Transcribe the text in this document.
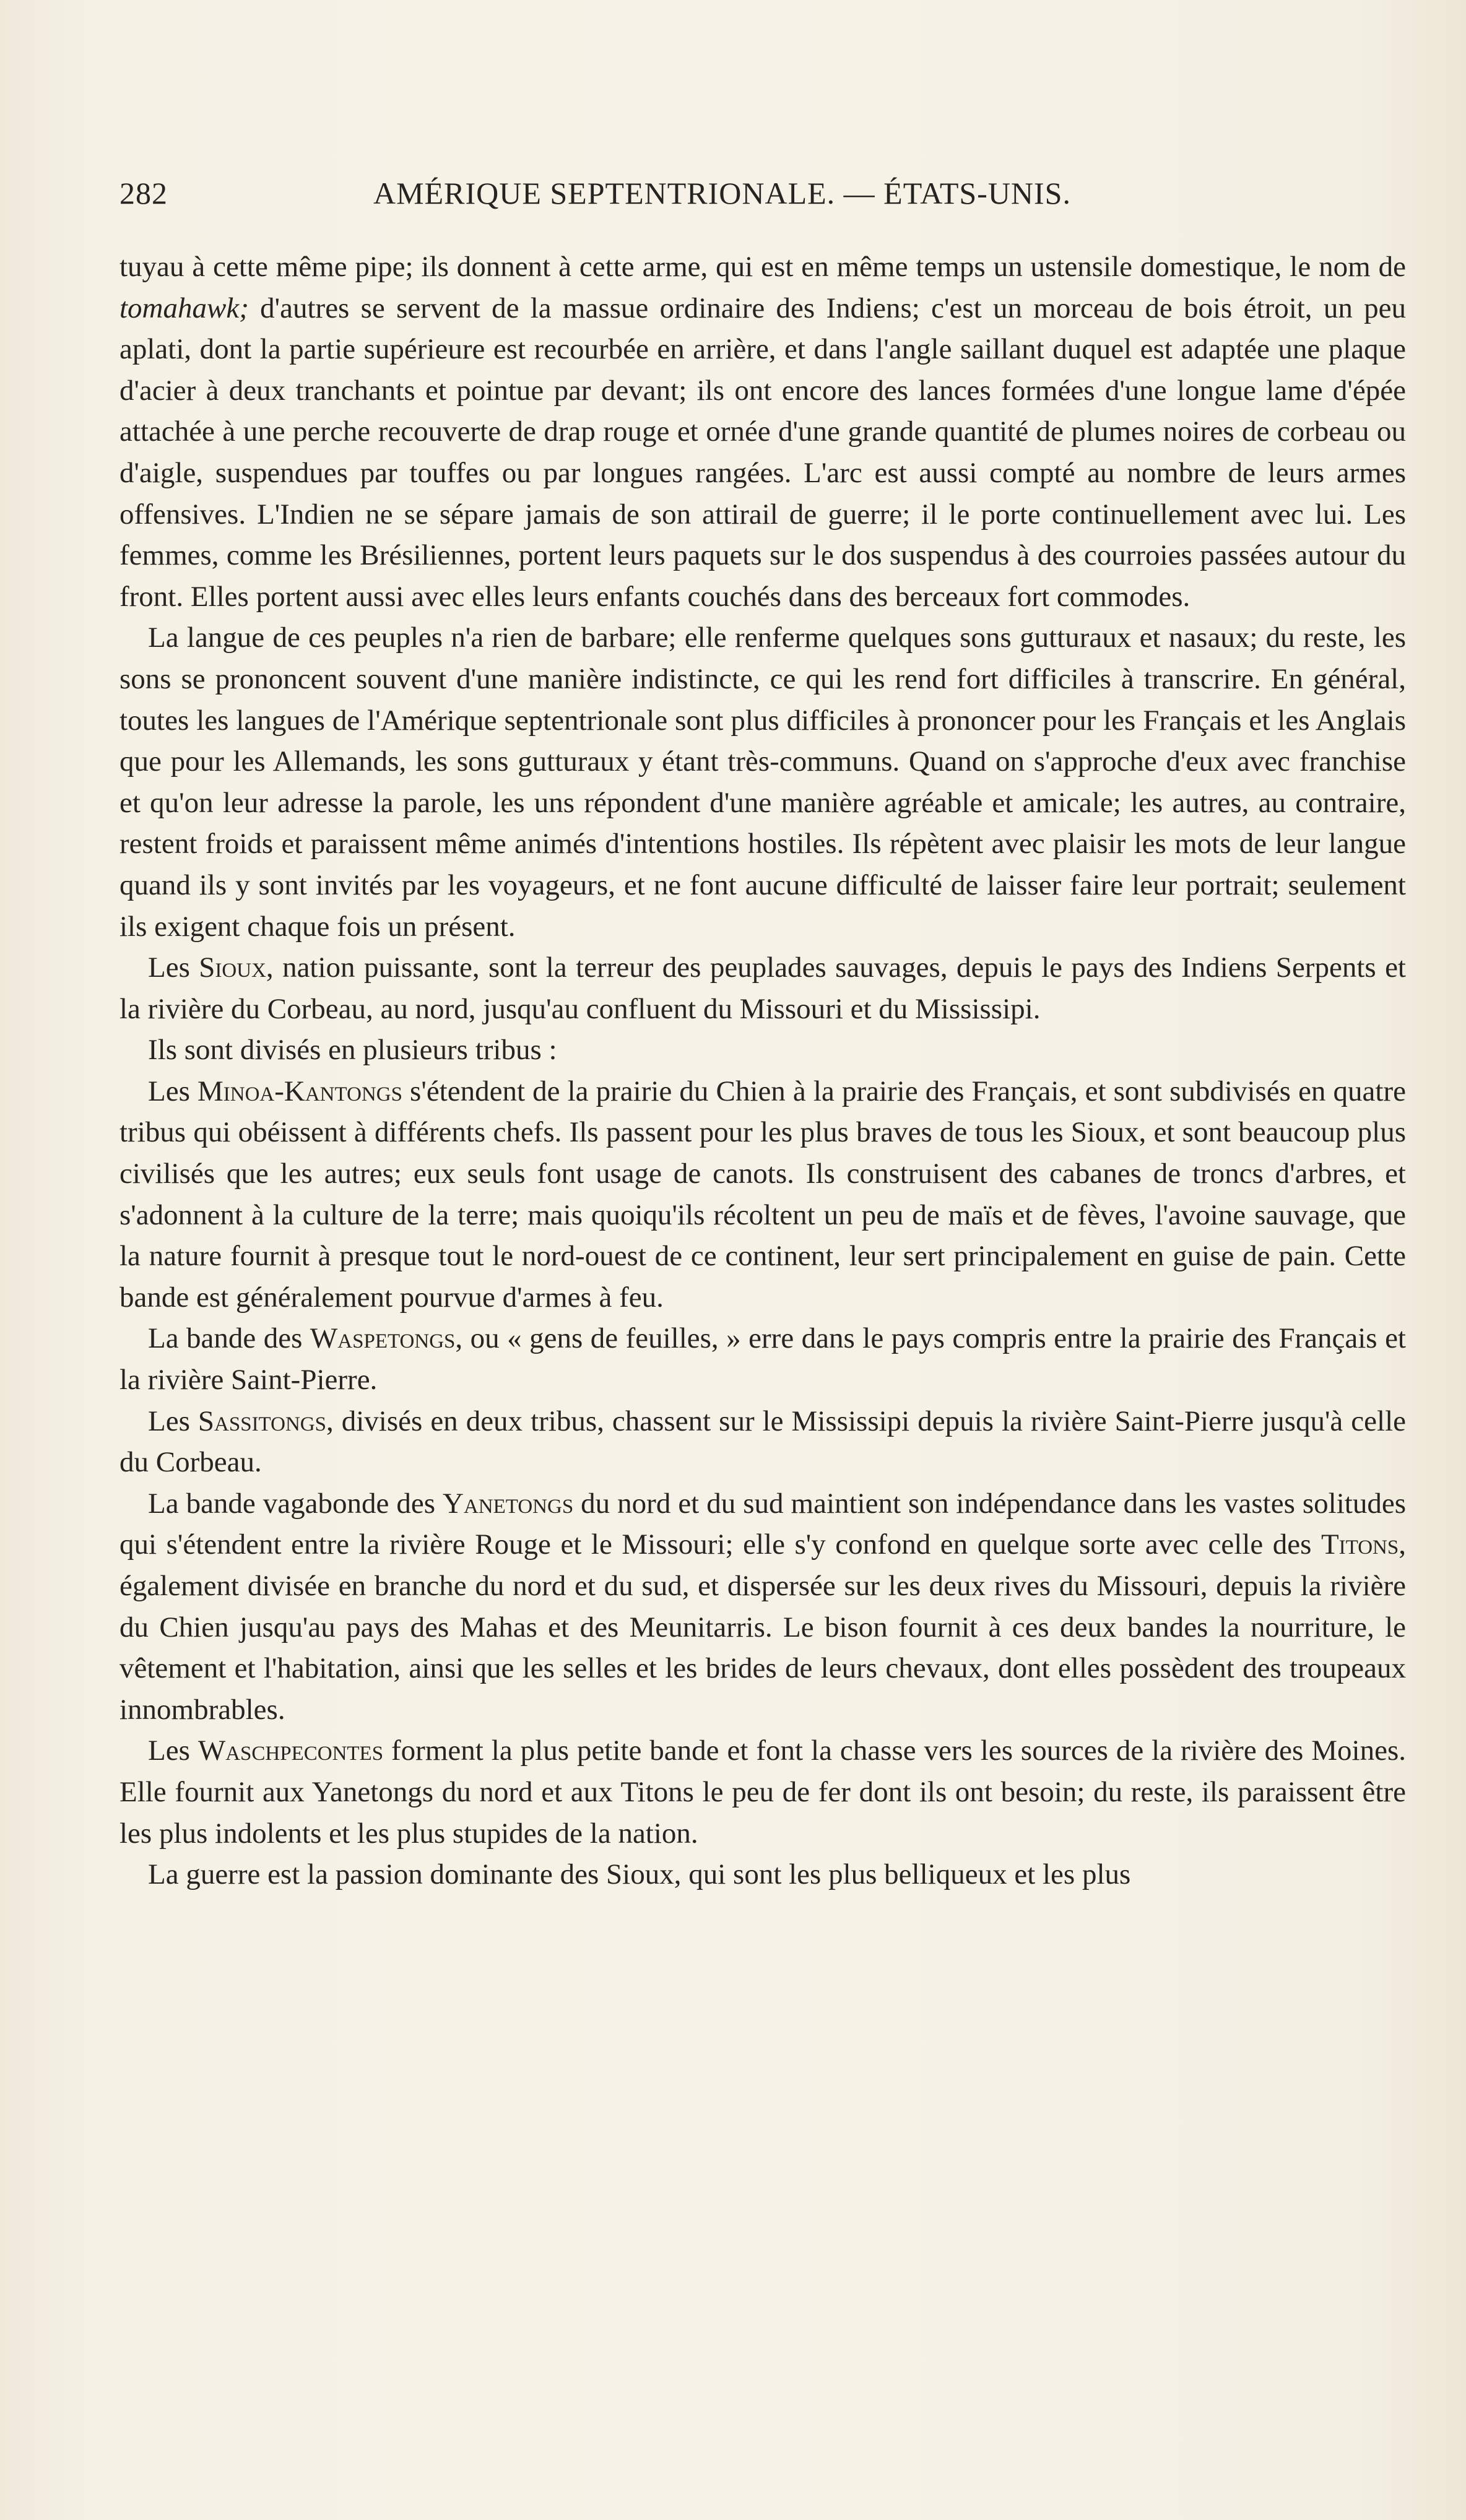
282	AMÉRIQUE SEPTENTRIONALE. — ÉTATS-UNIS.

tuyau à cette même pipe; ils donnent à cette arme, qui est en même temps un ustensile domestique, le nom de tomahawk; d'autres se servent de la massue ordinaire des Indiens; c'est un morceau de bois étroit, un peu aplati, dont la partie supérieure est recourbée en arrière, et dans l'angle saillant duquel est adaptée une plaque d'acier à deux tranchants et pointue par devant; ils ont encore des lances formées d'une longue lame d'épée attachée à une perche recouverte de drap rouge et ornée d'une grande quantité de plumes noires de corbeau ou d'aigle, suspendues par touffes ou par longues rangées. L'arc est aussi compté au nombre de leurs armes offensives. L'Indien ne se sépare jamais de son attirail de guerre; il le porte continuellement avec lui. Les femmes, comme les Brésiliennes, portent leurs paquets sur le dos suspendus à des courroies passées autour du front. Elles portent aussi avec elles leurs enfants couchés dans des berceaux fort commodes.

La langue de ces peuples n'a rien de barbare; elle renferme quelques sons gutturaux et nasaux; du reste, les sons se prononcent souvent d'une manière indistincte, ce qui les rend fort difficiles à transcrire. En général, toutes les langues de l'Amérique septentrionale sont plus difficiles à prononcer pour les Français et les Anglais que pour les Allemands, les sons gutturaux y étant très-communs. Quand on s'approche d'eux avec franchise et qu'on leur adresse la parole, les uns répondent d'une manière agréable et amicale; les autres, au contraire, restent froids et paraissent même animés d'intentions hostiles. Ils répètent avec plaisir les mots de leur langue quand ils y sont invités par les voyageurs, et ne font aucune difficulté de laisser faire leur portrait; seulement ils exigent chaque fois un présent.

Les Sioux, nation puissante, sont la terreur des peuplades sauvages, depuis le pays des Indiens Serpents et la rivière du Corbeau, au nord, jusqu'au confluent du Missouri et du Mississipi.

Ils sont divisés en plusieurs tribus :

Les Minoa-Kantongs s'étendent de la prairie du Chien à la prairie des Français, et sont subdivisés en quatre tribus qui obéissent à différents chefs. Ils passent pour les plus braves de tous les Sioux, et sont beaucoup plus civilisés que les autres; eux seuls font usage de canots. Ils construisent des cabanes de troncs d'arbres, et s'adonnent à la culture de la terre; mais quoiqu'ils récoltent un peu de maïs et de fèves, l'avoine sauvage, que la nature fournit à presque tout le nord-ouest de ce continent, leur sert principalement en guise de pain. Cette bande est généralement pourvue d'armes à feu.

La bande des Waspetongs, ou « gens de feuilles, » erre dans le pays compris entre la prairie des Français et la rivière Saint-Pierre.

Les Sassitongs, divisés en deux tribus, chassent sur le Mississipi depuis la rivière Saint-Pierre jusqu'à celle du Corbeau.

La bande vagabonde des Yanetongs du nord et du sud maintient son indépendance dans les vastes solitudes qui s'étendent entre la rivière Rouge et le Missouri; elle s'y confond en quelque sorte avec celle des Titons, également divisée en branche du nord et du sud, et dispersée sur les deux rives du Missouri, depuis la rivière du Chien jusqu'au pays des Mahas et des Meunitarris. Le bison fournit à ces deux bandes la nourriture, le vêtement et l'habitation, ainsi que les selles et les brides de leurs chevaux, dont elles possèdent des troupeaux innombrables.

Les Waschpecontes forment la plus petite bande et font la chasse vers les sources de la rivière des Moines. Elle fournit aux Yanetongs du nord et aux Titons le peu de fer dont ils ont besoin; du reste, ils paraissent être les plus indolents et les plus stupides de la nation.

La guerre est la passion dominante des Sioux, qui sont les plus belliqueux et les plus
